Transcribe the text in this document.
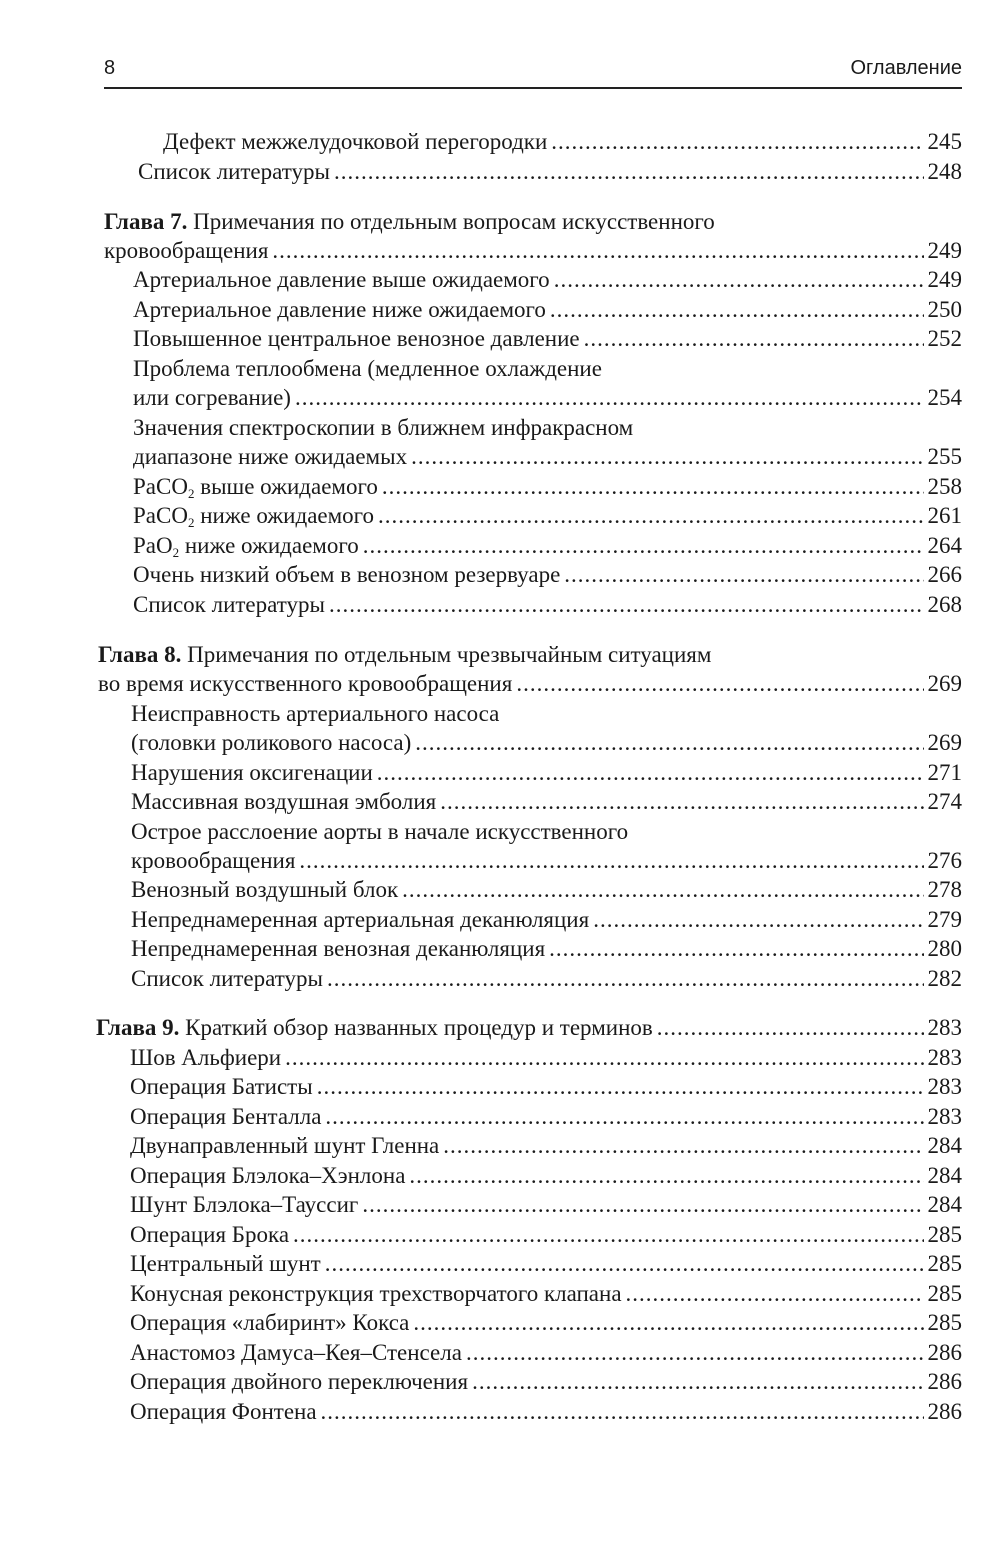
8	Оглавление
Дефект межжелудочковой перегородки .....	245
Список литературы .....	248
Глава 7. Примечания по отдельным вопросам искусственного
кровообращения .....	249
Артериальное давление выше ожидаемого .....	249
Артериальное давление ниже ожидаемого .....	250
Повышенное центральное венозное давление .....	252
Проблема теплообмена (медленное охлаждение
или согревание) .....	254
Значения спектроскопии в ближнем инфракрасном
диапазоне ниже ожидаемых .....	255
PaCO$_2$ выше ожидаемого .....	258
PaCO$_2$ ниже ожидаемого .....	261
PaO$_2$ ниже ожидаемого .....	264
Очень низкий объем в венозном резервуаре .....	266
Список литературы .....	268
Глава 8. Примечания по отдельным чрезвычайным ситуациям
во время искусственного кровообращения .....	269
Неисправность артериального насоса
(головки роликового насоса) .....	269
Нарушения оксигенации .....	271
Массивная воздушная эмболия .....	274
Острое расслоение аорты в начале искусственного
кровообращения .....	276
Венозный воздушный блок .....	278
Непреднамеренная артериальная деканюляция .....	279
Непреднамеренная венозная деканюляция .....	280
Список литературы .....	282
Глава 9. Краткий обзор названных процедур и терминов .....	283
Шов Альфиери .....	283
Операция Батисты .....	283
Операция Бенталла .....	283
Двунаправленный шунт Гленна .....	284
Операция Блэлока–Хэнлона .....	284
Шунт Блэлока–Тауссиг .....	284
Операция Брока .....	285
Центральный шунт .....	285
Конусная реконструкция трехстворчатого клапана .....	285
Операция «лабиринт» Кокса .....	285
Анастомоз Дамуса–Кея–Стенсела .....	286
Операция двойного переключения .....	286
Операция Фонтена .....	286
